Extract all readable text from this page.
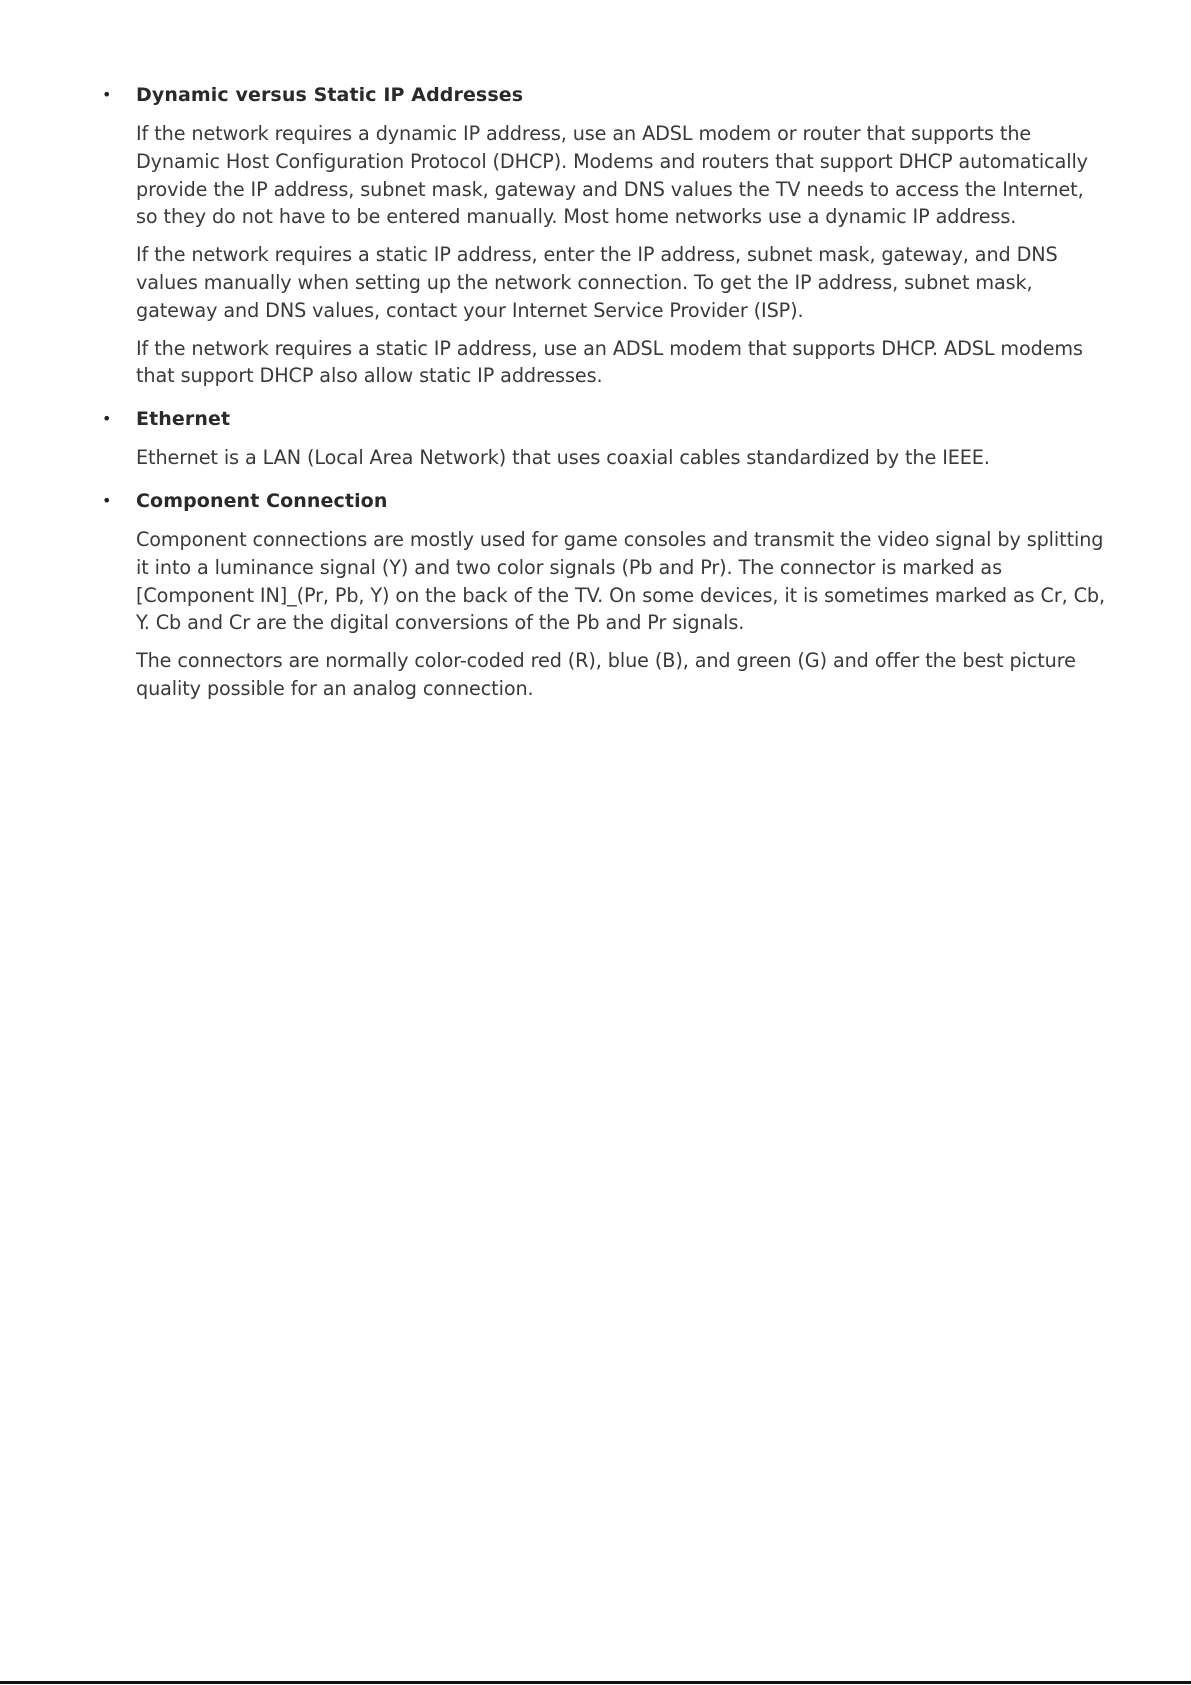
•	Dynamic versus Static IP Addresses

If the network requires a dynamic IP address, use an ADSL modem or router that supports the Dynamic Host Configuration Protocol (DHCP). Modems and routers that support DHCP automatically provide the IP address, subnet mask, gateway and DNS values the TV needs to access the Internet, so they do not have to be entered manually. Most home networks use a dynamic IP address.

If the network requires a static IP address, enter the IP address, subnet mask, gateway, and DNS values manually when setting up the network connection. To get the IP address, subnet mask, gateway and DNS values, contact your Internet Service Provider (ISP).

If the network requires a static IP address, use an ADSL modem that supports DHCP. ADSL modems that support DHCP also allow static IP addresses.

•	Ethernet

Ethernet is a LAN (Local Area Network) that uses coaxial cables standardized by the IEEE.

•	Component Connection

Component connections are mostly used for game consoles and transmit the video signal by splitting it into a luminance signal (Y) and two color signals (Pb and Pr). The connector is marked as [Component IN]_(Pr, Pb, Y) on the back of the TV. On some devices, it is sometimes marked as Cr, Cb, Y. Cb and Cr are the digital conversions of the Pb and Pr signals.

The connectors are normally color-coded red (R), blue (B), and green (G) and offer the best picture quality possible for an analog connection.
